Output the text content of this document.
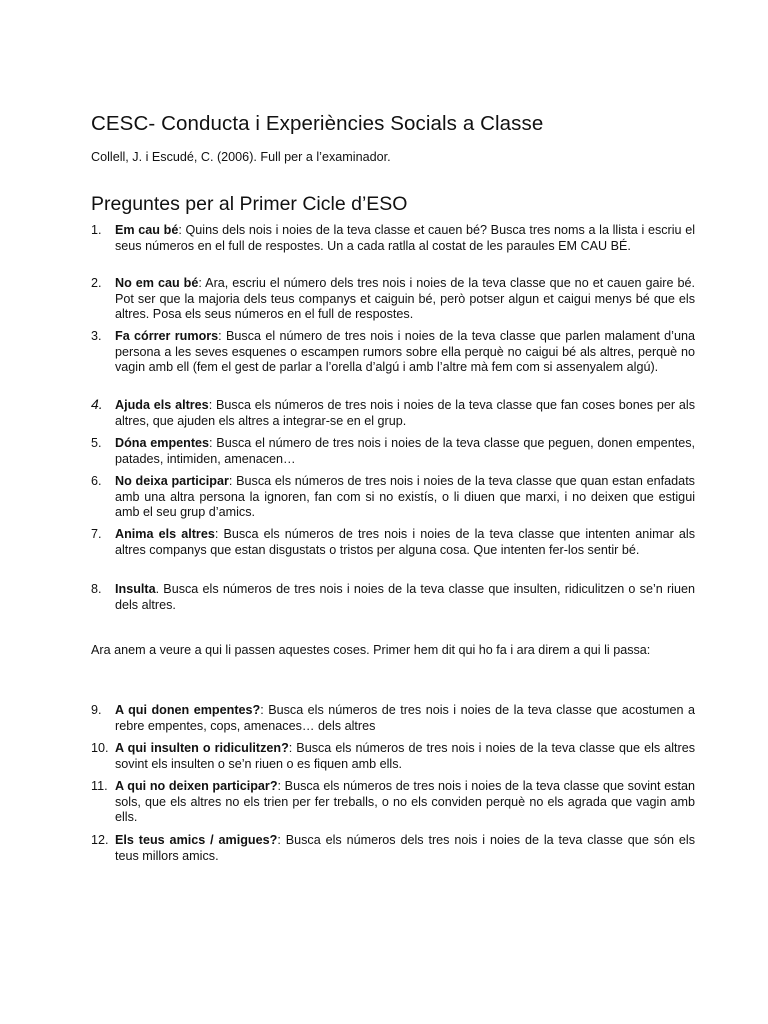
CESC- Conducta i Experiències Socials a Classe

Collell, J. i Escudé, C. (2006). Full per a l’examinador.

Preguntes per al Primer Cicle d’ESO
1.	Em cau bé: Quins dels nois i noies de la teva classe et cauen bé? Busca tres noms a la llista i escriu el seus números en el full de respostes. Un a cada ratlla al costat de les paraules EM CAU BÉ.
2.	No em cau bé: Ara, escriu el número dels tres nois i noies de la teva classe que no et cauen gaire bé. Pot ser que la majoria dels teus companys et caiguin bé, però potser algun et caigui menys bé que els altres. Posa els seus números en el full de respostes.
3.	Fa córrer rumors: Busca el número de tres nois i noies de la teva classe que parlen malament d’una persona a les seves esquenes o escampen rumors sobre ella perquè no caigui bé als altres, perquè no vagin amb ell (fem el gest de parlar a l’orella d’algú i amb l’altre mà fem com si assenyalem algú).
4. Ajuda els altres: Busca els números de tres nois i noies de la teva classe que fan coses bones per als altres, que ajuden els altres a integrar-se en el grup.
5.	Dóna empentes: Busca el número de tres nois i noies de la teva classe que peguen, donen empentes, patades, intimiden, amenacen…
6.	No deixa participar: Busca els números de tres nois i noies de la teva classe que quan estan enfadats amb una altra persona la ignoren, fan com si no existís, o li diuen que marxi, i no deixen que estigui amb el seu grup d’amics.
7.	Anima els altres: Busca els números de tres nois i noies de la teva classe que intenten animar als altres companys que estan disgustats o tristos per alguna cosa. Que intenten fer-los sentir bé.
8.	Insulta. Busca els números de tres nois i noies de la teva classe que insulten, ridiculitzen o se’n riuen dels altres.
Ara anem a veure a qui li passen aquestes coses. Primer hem dit qui ho fa i ara direm a qui li passa:
9.	A qui donen empentes?: Busca els números de tres nois i noies de la teva classe que acostumen a rebre empentes, cops, amenaces… dels altres
10. A qui insulten o ridiculitzen?: Busca els números de tres nois i noies de la teva classe que els altres sovint els insulten o se’n riuen o es fiquen amb ells.
11. A qui no deixen participar?: Busca els números de tres nois i noies de la teva classe que sovint estan sols, que els altres no els trien per fer treballs, o no els conviden perquè no els agrada que vagin amb ells.
12. Els teus amics / amigues?: Busca els números dels tres nois i noies de la teva classe que són els teus millors amics.
